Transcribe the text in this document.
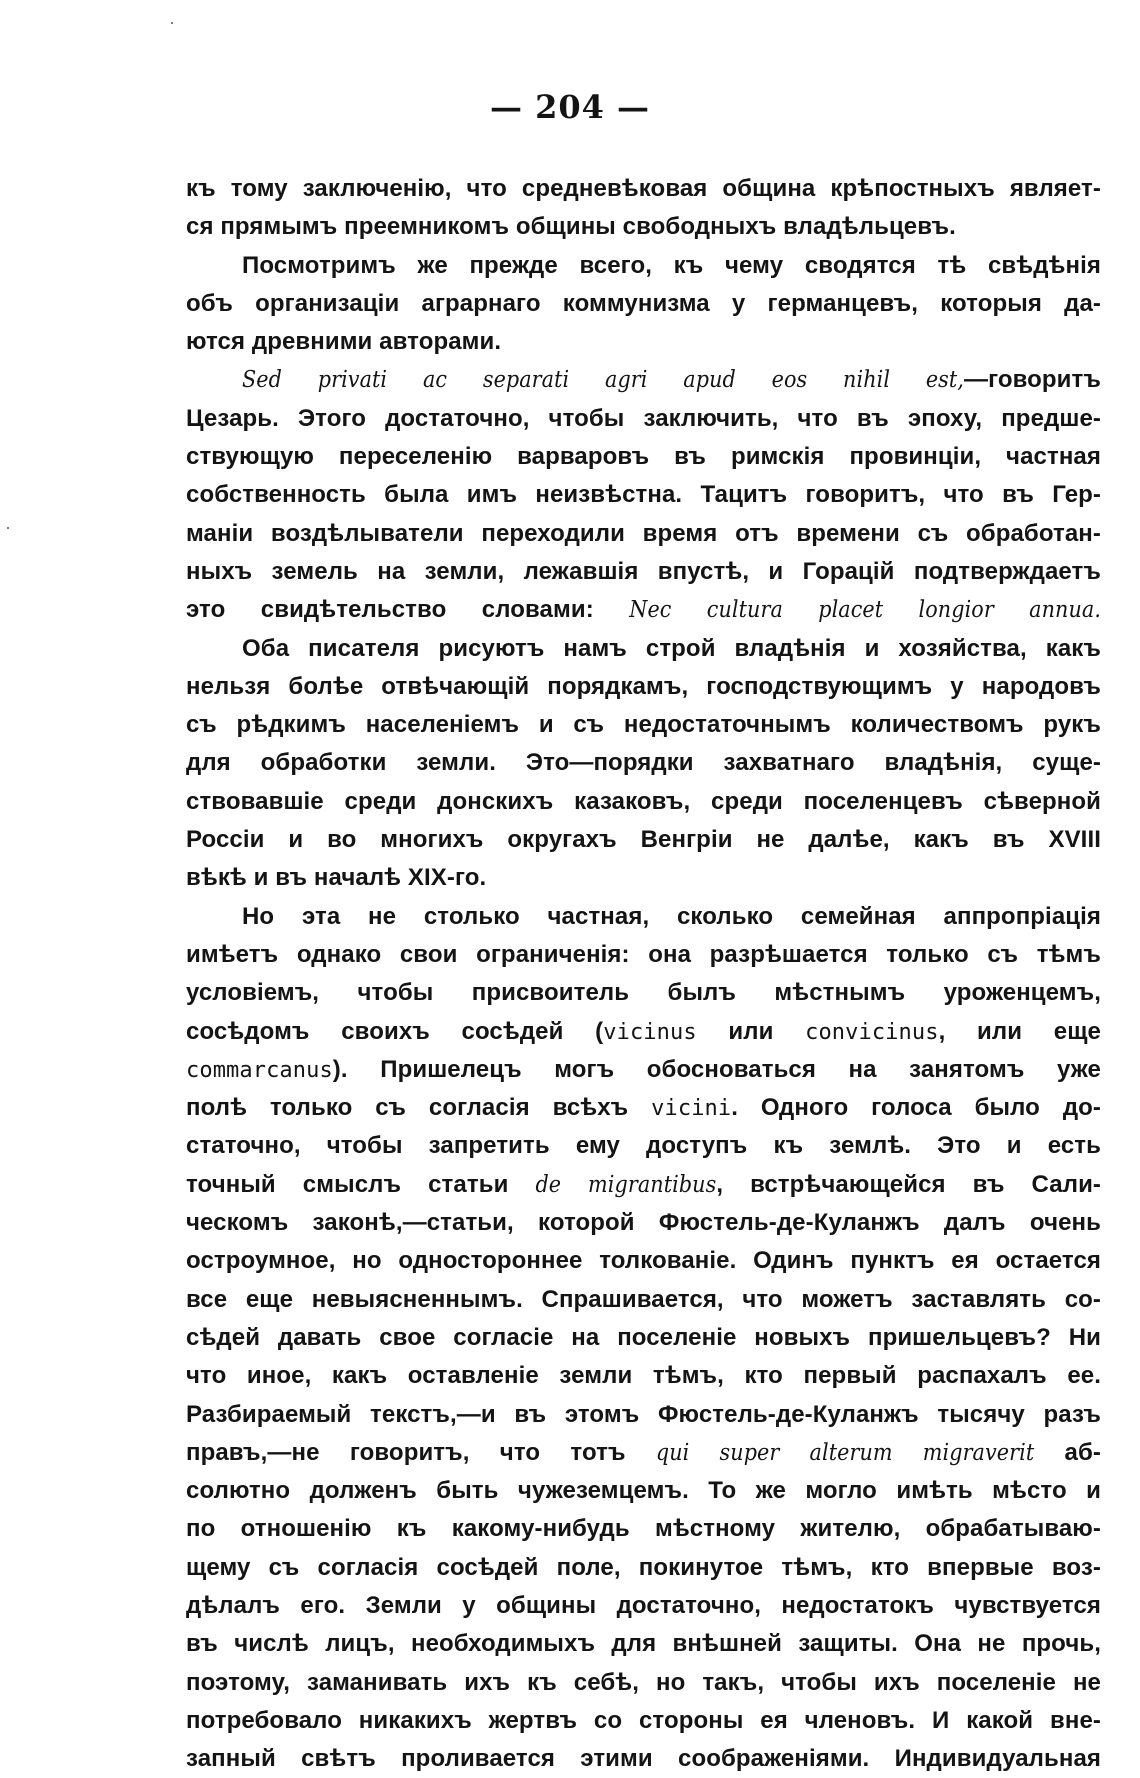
— 204 —
къ тому заключенію, что средневѣковая община крѣпостныхъ являет-
ся прямымъ преемникомъ общины свободныхъ владѣльцевъ.
Посмотримъ же прежде всего, къ чему сводятся тѣ свѣдѣнія
объ организаціи аграрнаго коммунизма у германцевъ, которыя да-
ются древними авторами.
Sed privati ac separati agri apud eos nihil est,—говоритъ
Цезарь. Этого достаточно, чтобы заключить, что въ эпоху, предше-
ствующую переселенію варваровъ въ римскія провинціи, частная
собственность была имъ неизвѣстна. Тацитъ говоритъ, что въ Гер-
маніи воздѣлыватели переходили время отъ времени съ обработан-
ныхъ земель на земли, лежавшія впустѣ, и Горацій подтверждаетъ
это свидѣтельство словами: Nec cultura placet longior annua.
Оба писателя рисуютъ намъ строй владѣнія и хозяйства, какъ
нельзя болѣе отвѣчающій порядкамъ, господствующимъ у народовъ
съ рѣдкимъ населеніемъ и съ недостаточнымъ количествомъ рукъ
для обработки земли. Это—порядки захватнаго владѣнія, суще-
ствовавшіе среди донскихъ казаковъ, среди поселенцевъ сѣверной
Россіи и во многихъ округахъ Венгріи не далѣе, какъ въ XVIII
вѣкѣ и въ началѣ XIX-го.
Но эта не столько частная, сколько семейная аппропріація
имѣетъ однако свои ограниченія: она разрѣшается только съ тѣмъ
условіемъ, чтобы присвоитель былъ мѣстнымъ уроженцемъ,
сосѣдомъ своихъ сосѣдей (vicinus или convicinus, или еще
commarcanus). Пришелецъ могъ обосноваться на занятомъ уже
полѣ только съ согласія всѣхъ vicini. Одного голоса было до-
статочно, чтобы запретить ему доступъ къ землѣ. Это и есть
точный смыслъ статьи de migrantibus, встрѣчающейся въ Сали-
ческомъ законѣ,—статьи, которой Фюстель-де-Куланжъ далъ очень
остроумное, но одностороннее толкованіе. Одинъ пунктъ ея остается
все еще невыясненнымъ. Спрашивается, что можетъ заставлять со-
сѣдей давать свое согласіе на поселеніе новыхъ пришельцевъ? Ни
что иное, какъ оставленіе земли тѣмъ, кто первый распахалъ ее.
Разбираемый текстъ,—и въ этомъ Фюстель-де-Куланжъ тысячу разъ
правъ,—не говоритъ, что тотъ qui super alterum migraverit аб-
солютно долженъ быть чужеземцемъ. То же могло имѣть мѣсто и
по отношенію къ какому-нибудь мѣстному жителю, обрабатываю-
щему съ согласія сосѣдей поле, покинутое тѣмъ, кто впервые воз-
дѣлалъ его. Земли у общины достаточно, недостатокъ чувствуется
въ числѣ лицъ, необходимыхъ для внѣшней защиты. Она не прочь,
поэтому, заманивать ихъ къ себѣ, но такъ, чтобы ихъ поселеніе не
потребовало никакихъ жертвъ со стороны ея членовъ. И какой вне-
запный свѣтъ проливается этими соображеніями. Индивидуальная
